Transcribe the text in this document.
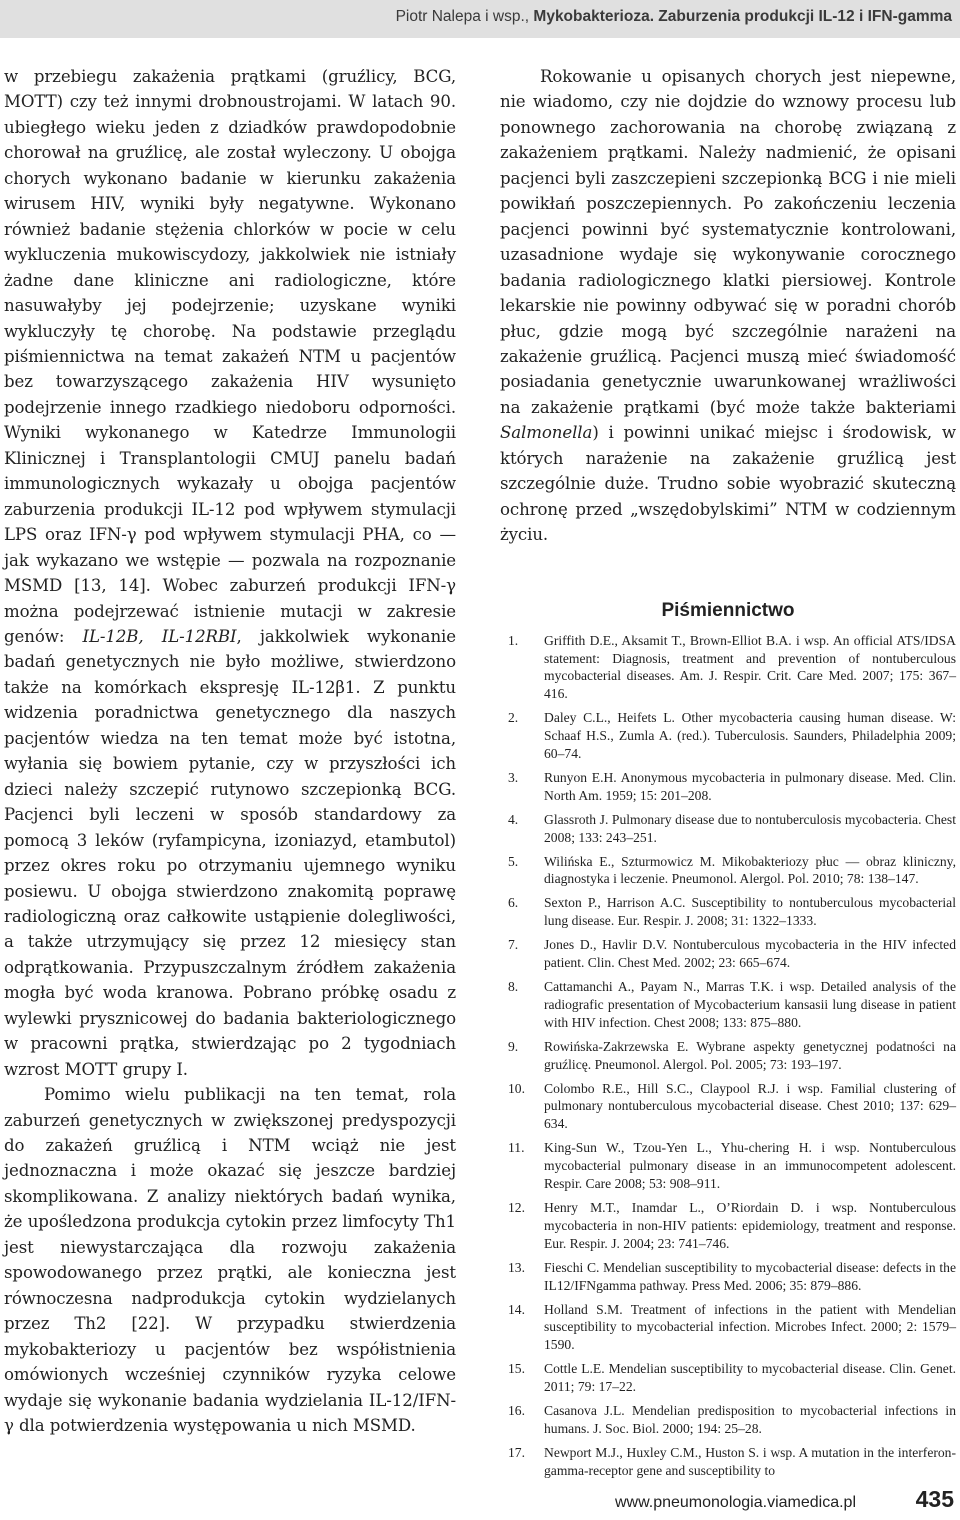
Piotr Nalepa i wsp., Mykobakterioza. Zaburzenia produkcji IL-12 i IFN-gamma

w przebiegu zakażenia prątkami (gruźlicy, BCG, MOTT) czy też innymi drobnoustrojami. W latach 90. ubiegłego wieku jeden z dziadków prawdopodobnie chorował na gruźlicę, ale został wyleczony. U obojga chorych wykonano badanie w kierunku zakażenia wirusem HIV, wyniki były negatywne. Wykonano również badanie stężenia chlorków w pocie w celu wykluczenia mukowiscydozy, jakkolwiek nie istniały żadne dane kliniczne ani radiologiczne, które nasuwałyby jej podejrzenie; uzyskane wyniki wykluczyły tę chorobę. Na podstawie przeglądu piśmiennictwa na temat zakażeń NTM u pacjentów bez towarzyszącego zakażenia HIV wysunięto podejrzenie innego rzadkiego niedoboru odporności. Wyniki wykonanego w Katedrze Immunologii Klinicznej i Transplantologii CMUJ panelu badań immunologicznych wykazały u obojga pacjentów zaburzenia produkcji IL-12 pod wpływem stymulacji LPS oraz IFN-γ pod wpływem stymulacji PHA, co — jak wykazano we wstępie — pozwala na rozpoznanie MSMD [13, 14]. Wobec zaburzeń produkcji IFN-γ można podejrzewać istnienie mutacji w zakresie genów: IL-12B, IL-12RBI, jakkolwiek wykonanie badań genetycznych nie było możliwe, stwierdzono także na komórkach ekspresję IL-12β1. Z punktu widzenia poradnictwa genetycznego dla naszych pacjentów wiedza na ten temat może być istotna, wyłania się bowiem pytanie, czy w przyszłości ich dzieci należy szczepić rutynowo szczepionką BCG. Pacjenci byli leczeni w sposób standardowy za pomocą 3 leków (ryfampicyna, izoniazyd, etambutol) przez okres roku po otrzymaniu ujemnego wyniku posiewu. U obojga stwierdzono znakomitą poprawę radiologiczną oraz całkowite ustąpienie dolegliwości, a także utrzymujący się przez 12 miesięcy stan odprątkowania. Przypuszczalnym źródłem zakażenia mogła być woda kranowa. Pobrano próbkę osadu z wylewki prysznicowej do badania bakteriologicznego w pracowni prątka, stwierdzając po 2 tygodniach wzrost MOTT grupy I.

Pomimo wielu publikacji na ten temat, rola zaburzeń genetycznych w zwiększonej predyspozycji do zakażeń gruźlicą i NTM wciąż nie jest jednoznaczna i może okazać się jeszcze bardziej skomplikowana. Z analizy niektórych badań wynika, że upośledzona produkcja cytokin przez limfocyty Th1 jest niewystarczająca dla rozwoju zakażenia spowodowanego przez prątki, ale konieczna jest równoczesna nadprodukcja cytokin wydzielanych przez Th2 [22]. W przypadku stwierdzenia mykobakteriozy u pacjentów bez współistnienia omówionych wcześniej czynników ryzyka celowe wydaje się wykonanie badania wydzielania IL-12/IFN-γ dla potwierdzenia występowania u nich MSMD.

Rokowanie u opisanych chorych jest niepewne, nie wiadomo, czy nie dojdzie do wznowy procesu lub ponownego zachorowania na chorobę związaną z zakażeniem prątkami. Należy nadmienić, że opisani pacjenci byli zaszczepieni szczepionką BCG i nie mieli powikłań poszczepiennych. Po zakończeniu leczenia pacjenci powinni być systematycznie kontrolowani, uzasadnione wydaje się wykonywanie corocznego badania radiologicznego klatki piersiowej. Kontrole lekarskie nie powinny odbywać się w poradni chorób płuc, gdzie mogą być szczególnie narażeni na zakażenie gruźlicą. Pacjenci muszą mieć świadomość posiadania genetycznie uwarunkowanej wrażliwości na zakażenie prątkami (być może także bakteriami Salmonella) i powinni unikać miejsc i środowisk, w których narażenie na zakażenie gruźlicą jest szczególnie duże. Trudno sobie wyobrazić skuteczną ochronę przed „wszędobylskimi” NTM w codziennym życiu.

Piśmiennictwo
1. Griffith D.E., Aksamit T., Brown-Elliot B.A. i wsp. An official ATS/IDSA statement: Diagnosis, treatment and prevention of nontuberculous mycobacterial diseases. Am. J. Respir. Crit. Care Med. 2007; 175: 367–416.
2. Daley C.L., Heifets L. Other mycobacteria causing human disease. W: Schaaf H.S., Zumla A. (red.). Tuberculosis. Saunders, Philadelphia 2009; 60–74.
3. Runyon E.H. Anonymous mycobacteria in pulmonary disease. Med. Clin. North Am. 1959; 15: 201–208.
4. Glassroth J. Pulmonary disease due to nontuberculosis mycobacteria. Chest 2008; 133: 243–251.
5. Wilińska E., Szturmowicz M. Mikobakteriozy płuc — obraz kliniczny, diagnostyka i leczenie. Pneumonol. Alergol. Pol. 2010; 78: 138–147.
6. Sexton P., Harrison A.C. Susceptibility to nontuberculous mycobacterial lung disease. Eur. Respir. J. 2008; 31: 1322–1333.
7. Jones D., Havlir D.V. Nontuberculous mycobacteria in the HIV infected patient. Clin. Chest Med. 2002; 23: 665–674.
8. Cattamanchi A., Payam N., Marras T.K. i wsp. Detailed analysis of the radiografic presentation of Mycobacterium kansasii lung disease in patient with HIV infection. Chest 2008; 133: 875–880.
9. Rowińska-Zakrzewska E. Wybrane aspekty genetycznej podatności na gruźlicę. Pneumonol. Alergol. Pol. 2005; 73: 193–197.
10. Colombo R.E., Hill S.C., Claypool R.J. i wsp. Familial clustering of pulmonary nontuberculous mycobacterial disease. Chest 2010; 137: 629–634.
11. King-Sun W., Tzou-Yen L., Yhu-chering H. i wsp. Nontuberculous mycobacterial pulmonary disease in an immunocompetent adolescent. Respir. Care 2008; 53: 908–911.
12. Henry M.T., Inamdar L., O’Riordain D. i wsp. Nontuberculous mycobacteria in non-HIV patients: epidemiology, treatment and response. Eur. Respir. J. 2004; 23: 741–746.
13. Fieschi C. Mendelian susceptibility to mycobacterial disease: defects in the IL12/IFNgamma pathway. Press Med. 2006; 35: 879–886.
14. Holland S.M. Treatment of infections in the patient with Mendelian susceptibility to mycobacterial infection. Microbes Infect. 2000; 2: 1579–1590.
15. Cottle L.E. Mendelian susceptibility to mycobacterial disease. Clin. Genet. 2011; 79: 17–22.
16. Casanova J.L. Mendelian predisposition to mycobacterial infections in humans. J. Soc. Biol. 2000; 194: 25–28.
17. Newport M.J., Huxley C.M., Huston S. i wsp. A mutation in the interferon-gamma-receptor gene and susceptibility to
www.pneumonologia.viamedica.pl	435
